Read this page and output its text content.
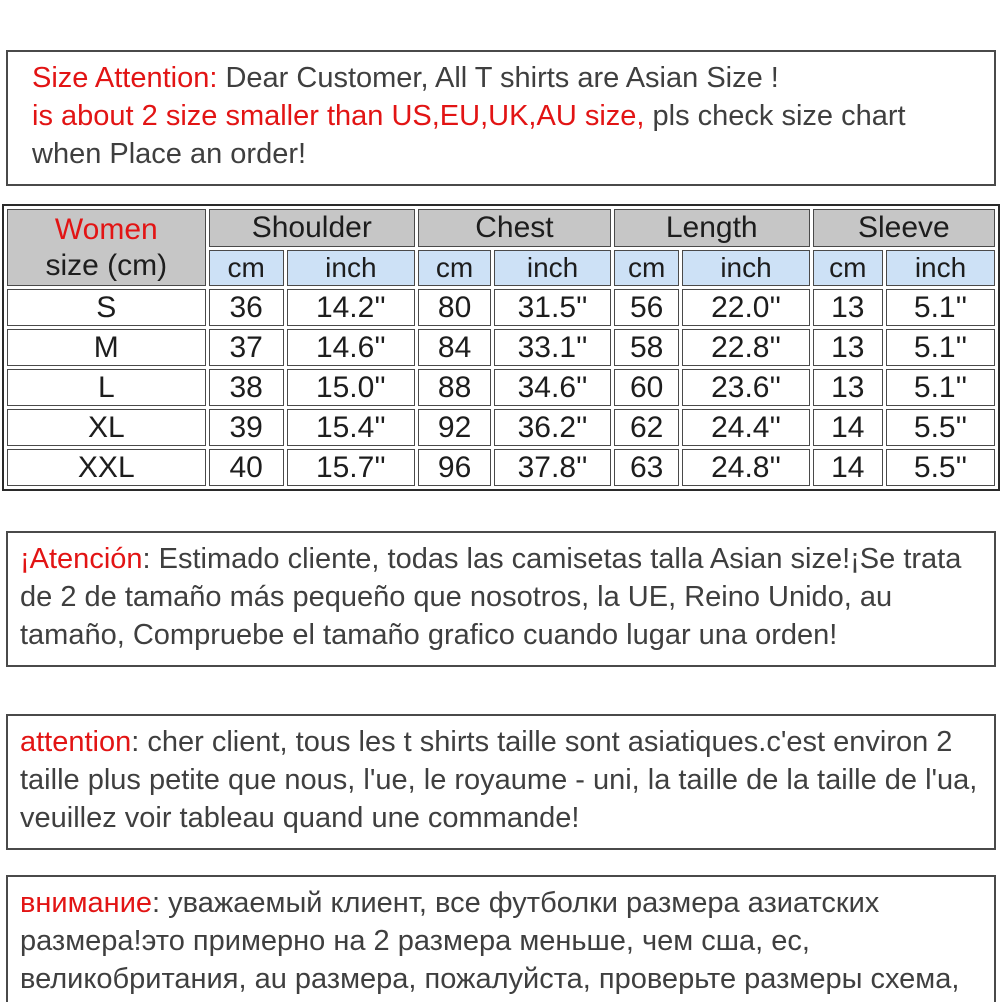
Size Attention: Dear Customer, All T shirts are Asian Size !
is about 2 size smaller than US,EU,UK,AU size, pls check size chart
when Place an order!

Women
size (cm)	Shoulder		Chest		Length		Sleeve	
	cm	inch	cm	inch	cm	inch	cm	inch
S	36	14.2''	80	31.5''	56	22.0''	13	5.1''
M	37	14.6''	84	33.1''	58	22.8''	13	5.1''
L	38	15.0''	88	34.6''	60	23.6''	13	5.1''
XL	39	15.4''	92	36.2''	62	24.4''	14	5.5''
XXL	40	15.7''	96	37.8''	63	24.8''	14	5.5''

¡Atención: Estimado cliente, todas las camisetas talla Asian size!¡Se trata de 2 de tamaño más pequeño que nosotros, la UE, Reino Unido, au tamaño, Compruebe el tamaño grafico cuando lugar una orden!

attention: cher client, tous les t shirts taille sont asiatiques.c'est environ 2 taille plus petite que nous, l'ue, le royaume - uni, la taille de la taille de l'ua, veuillez voir tableau quand une commande!

внимание: уважаемый клиент, все футболки размера азиатских размера!это примерно на 2 размера меньше, чем сша, ес, великобритания, au размера, пожалуйста, проверьте размеры схема,
